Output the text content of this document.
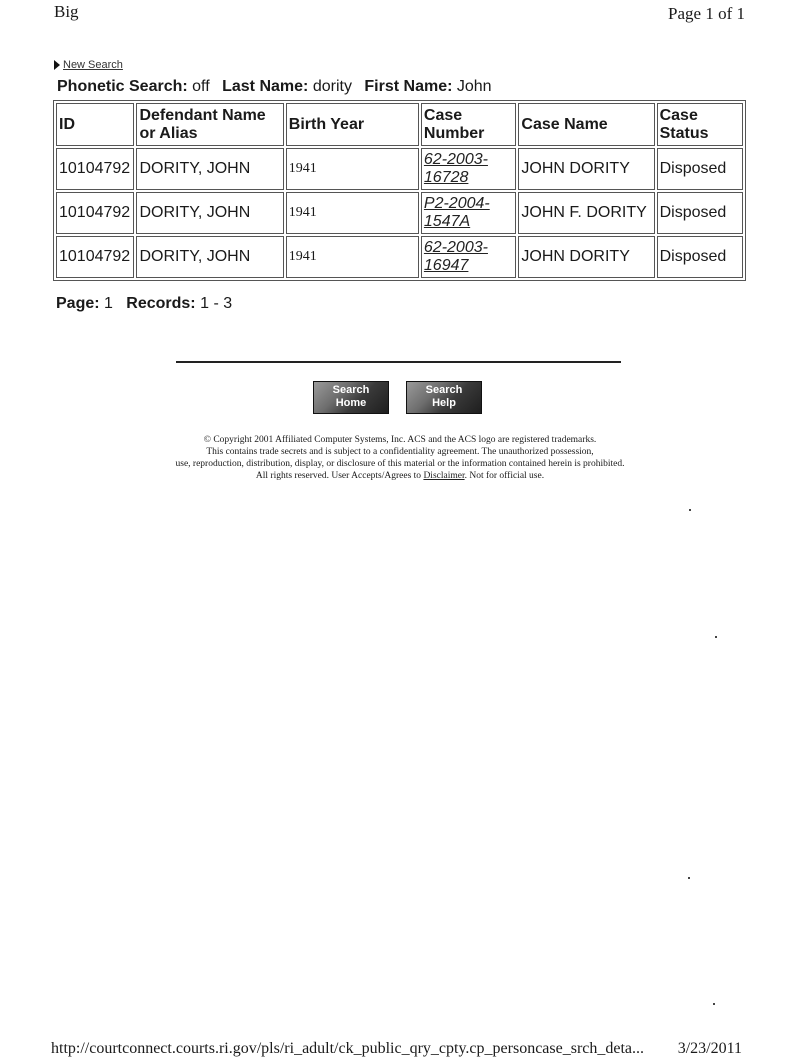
Big	Page 1 of 1
New Search
Phonetic Search: off Last Name: dority First Name: John
ID	Defendant Name or Alias	Birth Year	Case Number	Case Name	Case Status
10104792	DORITY, JOHN	1941	62-2003-16728	JOHN DORITY	Disposed
10104792	DORITY, JOHN	1941	P2-2004-1547A	JOHN F. DORITY	Disposed
10104792	DORITY, JOHN	1941	62-2003-16947	JOHN DORITY	Disposed
Page: 1 Records: 1 - 3
Search
Home
Search
Help
© Copyright 2001 Affiliated Computer Systems, Inc. ACS and the ACS logo are registered trademarks.
This contains trade secrets and is subject to a confidentiality agreement. The unauthorized possession,
use, reproduction, distribution, display, or disclosure of this material or the information contained herein is prohibited.
All rights reserved. User Accepts/Agrees to Disclaimer. Not for official use.
http://courtconnect.courts.ri.gov/pls/ri_adult/ck_public_qry_cpty.cp_personcase_srch_deta... 3/23/2011
